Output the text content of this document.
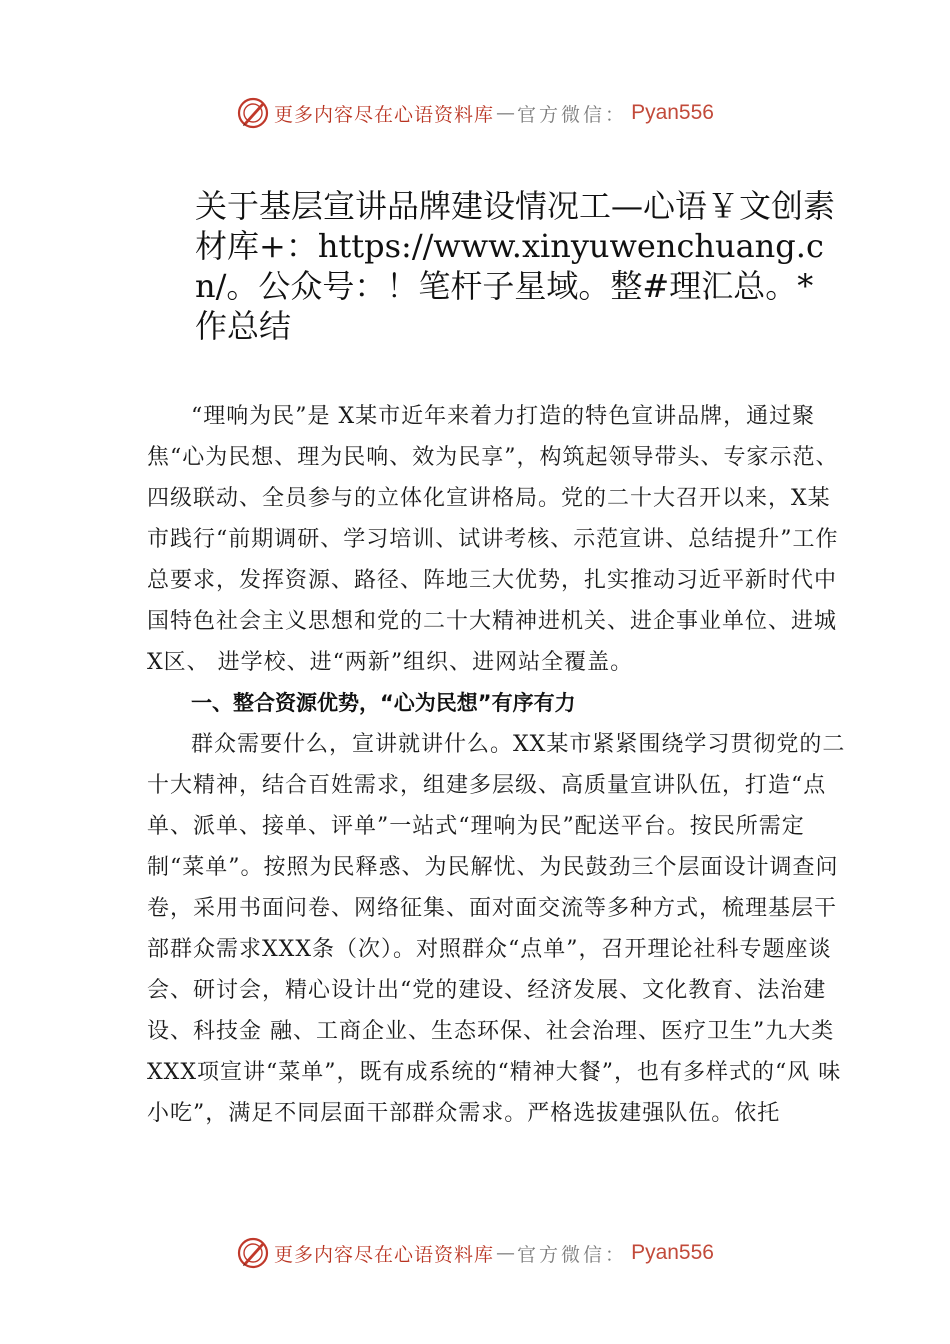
更多内容尽在心语资料库 — 官方微信： Pyan556
关于基层宣讲品牌建设情况工—心语￥文创素材库+：https://www.xinyuwenchuang.cn/。公众号：！笔杆子星域。整#理汇总。*作总结

“理响为民”是 X某市近年来着力打造的特色宣讲品牌，通过聚焦“心为民想、理为民响、效为民享”，构筑起领导带头、专家示范、四级联动、全员参与的立体化宣讲格局。党的二十大召开以来，X某市践行“前期调研、学习培训、试讲考核、示范宣讲、总结提升”工作总要求，发挥资源、路径、阵地三大优势，扎实推动习近平新时代中国特色社会主义思想和党的二十大精神进机关、进企事业单位、进城X区、 进学校、进“两新”组织、进网站全覆盖。

一、整合资源优势，“心为民想”有序有力

群众需要什么，宣讲就讲什么。XX某市紧紧围绕学习贯彻党的二十大精神，结合百姓需求，组建多层级、高质量宣讲队伍，打造“点单、派单、接单、评单”一站式“理响为民”配送平台。按民所需定制“菜单”。按照为民释惑、为民解忧、为民鼓劲三个层面设计调查问卷，采用书面问卷、网络征集、面对面交流等多种方式，梳理基层干部群众需求XXX条（次）。对照群众“点单”，召开理论社科专题座谈会、研讨会，精心设计出“党的建设、经济发展、文化教育、法治建设、科技金 融、工商企业、生态环保、社会治理、医疗卫生”九大类 XXX项宣讲“菜单”，既有成系统的“精神大餐”，也有多样式的“风 味小吃”，满足不同层面干部群众需求。严格选拔建强队伍。依托

更多内容尽在心语资料库 — 官方微信： Pyan556
